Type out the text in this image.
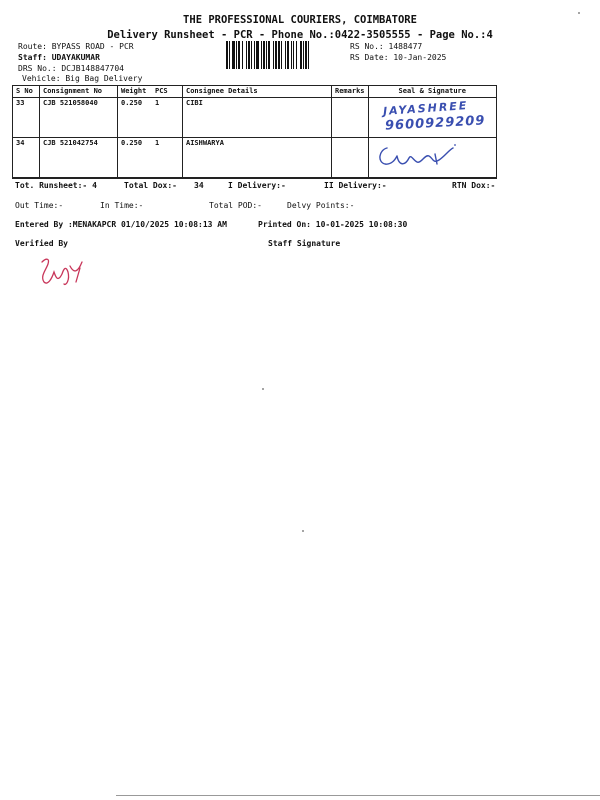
THE PROFESSIONAL COURIERS, COIMBATORE
Delivery Runsheet - PCR - Phone No.:0422-3505555 - Page No.:4
Route: BYPASS ROAD - PCR
Staff: UDAYAKUMAR
DRS No.: DCJB148847704
Vehicle: Big Bag Delivery
RS No.: 1488477
RS Date: 10-Jan-2025
S No	Consignment No	Weight	PCS	Consignee Details	Remarks	Seal & Signature
33	CJB 521058040	0.250	1	CIBI		JAYASHREE
9600929209

34	CJB 521042754	0.250	1	AISHWARYA		
Tot. Runsheet:- 4	Total Dox:- 34	I Delivery:-	II Delivery:-	RTN Dox:-
Out Time:-	In Time:-	Total POD:-	Delvy Points:-
Entered By :MENAKAPCR 01/10/2025 10:08:13 AM	Printed On: 10-01-2025 10:08:30
Verified By	Staff Signature
